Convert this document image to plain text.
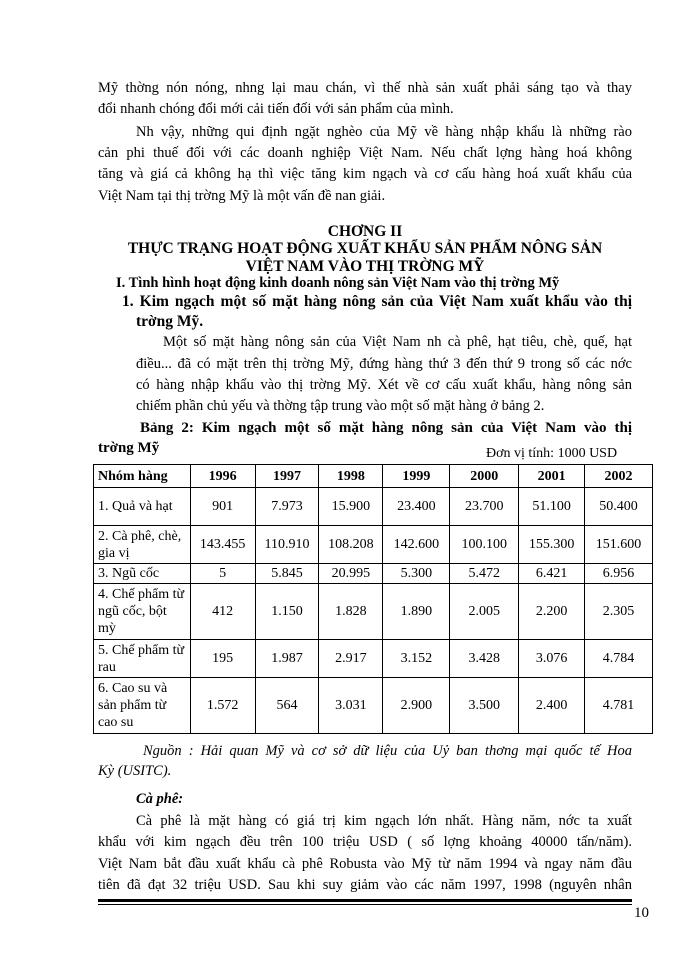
Mỹ thờng nón nóng, nhng lại mau chán, vì thế nhà sản xuất phải sáng tạo và thay
đổi nhanh chóng đổi mới cải tiến đối với sản phẩm của mình.
Nh vậy, những qui định ngặt nghèo của Mỹ về hàng nhập khẩu là những rào
cản phi thuế đối với các doanh nghiệp Việt Nam. Nếu chất lợng hàng hoá không
tăng và giá cả không hạ thì việc tăng kim ngạch và cơ cấu hàng hoá xuất khẩu của
Việt Nam tại thị trờng Mỹ là một vấn đề nan giải.
CHƠNG II
THỰC TRẠNG HOẠT ĐỘNG XUẤT KHẨU SẢN PHẨM NÔNG SẢN
VIỆT NAM VÀO THỊ TRỜNG MỸ
I. Tình hình hoạt động kinh doanh nông sản Việt Nam vào thị trờng Mỹ
1. Kim ngạch một số mặt hàng nông sản của Việt Nam xuất khẩu vào thị
trờng Mỹ.
Một số mặt hàng nông sản của Việt Nam nh cà phê, hạt tiêu, chè, quế, hạt
điều... đã có mặt trên thị trờng Mỹ, đứng hàng thứ 3 đến thứ 9 trong số các nớc
có hàng nhập khẩu vào thị trờng Mỹ. Xét về cơ cấu xuất khẩu, hàng nông sản
chiếm phần chủ yếu và thờng tập trung vào một số mặt hàng ở bảng 2.
Bảng 2: Kim ngạch một số mặt hàng nông sản của Việt Nam vào thị
trờng Mỹ	Đơn vị tính: 1000 USD
Nhóm hàng	1996	1997	1998	1999	2000	2001	2002
1. Quả và hạt	901	7.973	15.900	23.400	23.700	51.100	50.400
2. Cà phê, chè, gia vị	143.455	110.910	108.208	142.600	100.100	155.300	151.600
3. Ngũ cốc	5	5.845	20.995	5.300	5.472	6.421	6.956
4. Chế phẩm từ ngũ cốc, bột mỳ	412	1.150	1.828	1.890	2.005	2.200	2.305
5. Chế phẩm từ rau	195	1.987	2.917	3.152	3.428	3.076	4.784
6. Cao su và sản phẩm từ cao su	1.572	564	3.031	2.900	3.500	2.400	4.781
Nguồn : Hải quan Mỹ và cơ sở dữ liệu của Uỷ ban thơng mại quốc tế Hoa
Kỳ (USITC).
Cà phê:
Cà phê là mặt hàng có giá trị kim ngạch lớn nhất. Hàng năm, nớc ta xuất
khẩu với kim ngạch đều trên 100 triệu USD ( số lợng khoảng 40000 tấn/năm).
Việt Nam bắt đầu xuất khẩu cà phê Robusta vào Mỹ từ năm 1994 và ngay năm đầu
tiên đã đạt 32 triệu USD. Sau khi suy giảm vào các năm 1997, 1998 (nguyên nhân
10
